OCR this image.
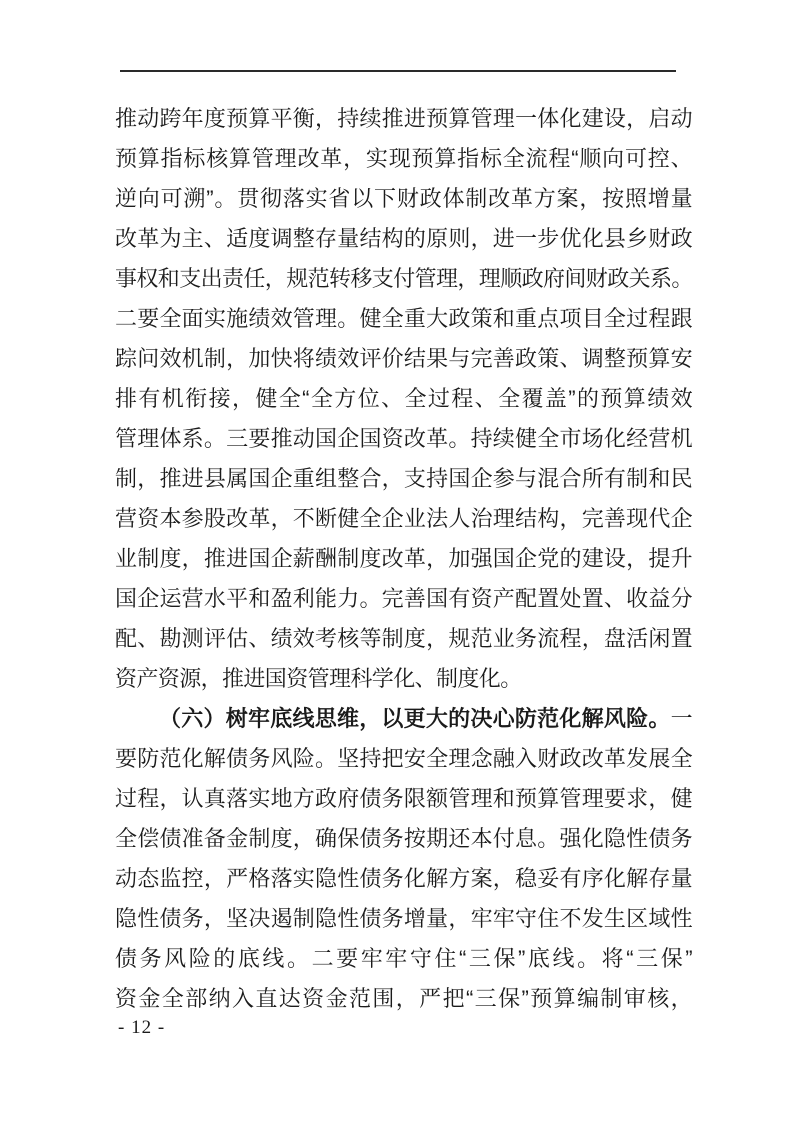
推动跨年度预算平衡，持续推进预算管理一体化建设，启动
预算指标核算管理改革，实现预算指标全流程“顺向可控、
逆向可溯”。贯彻落实省以下财政体制改革方案，按照增量
改革为主、适度调整存量结构的原则，进一步优化县乡财政
事权和支出责任，规范转移支付管理，理顺政府间财政关系。
二要全面实施绩效管理。健全重大政策和重点项目全过程跟
踪问效机制，加快将绩效评价结果与完善政策、调整预算安
排有机衔接，健全“全方位、全过程、全覆盖”的预算绩效
管理体系。三要推动国企国资改革。持续健全市场化经营机
制，推进县属国企重组整合，支持国企参与混合所有制和民
营资本参股改革，不断健全企业法人治理结构，完善现代企
业制度，推进国企薪酬制度改革，加强国企党的建设，提升
国企运营水平和盈利能力。完善国有资产配置处置、收益分
配、勘测评估、绩效考核等制度，规范业务流程，盘活闲置
资产资源，推进国资管理科学化、制度化。
（六）树牢底线思维，以更大的决心防范化解风险。一
要防范化解债务风险。坚持把安全理念融入财政改革发展全
过程，认真落实地方政府债务限额管理和预算管理要求，健
全偿债准备金制度，确保债务按期还本付息。强化隐性债务
动态监控，严格落实隐性债务化解方案，稳妥有序化解存量
隐性债务，坚决遏制隐性债务增量，牢牢守住不发生区域性
债务风险的底线。二要牢牢守住“三保”底线。将“三保”
资金全部纳入直达资金范围，严把“三保”预算编制审核，
- 12 -
